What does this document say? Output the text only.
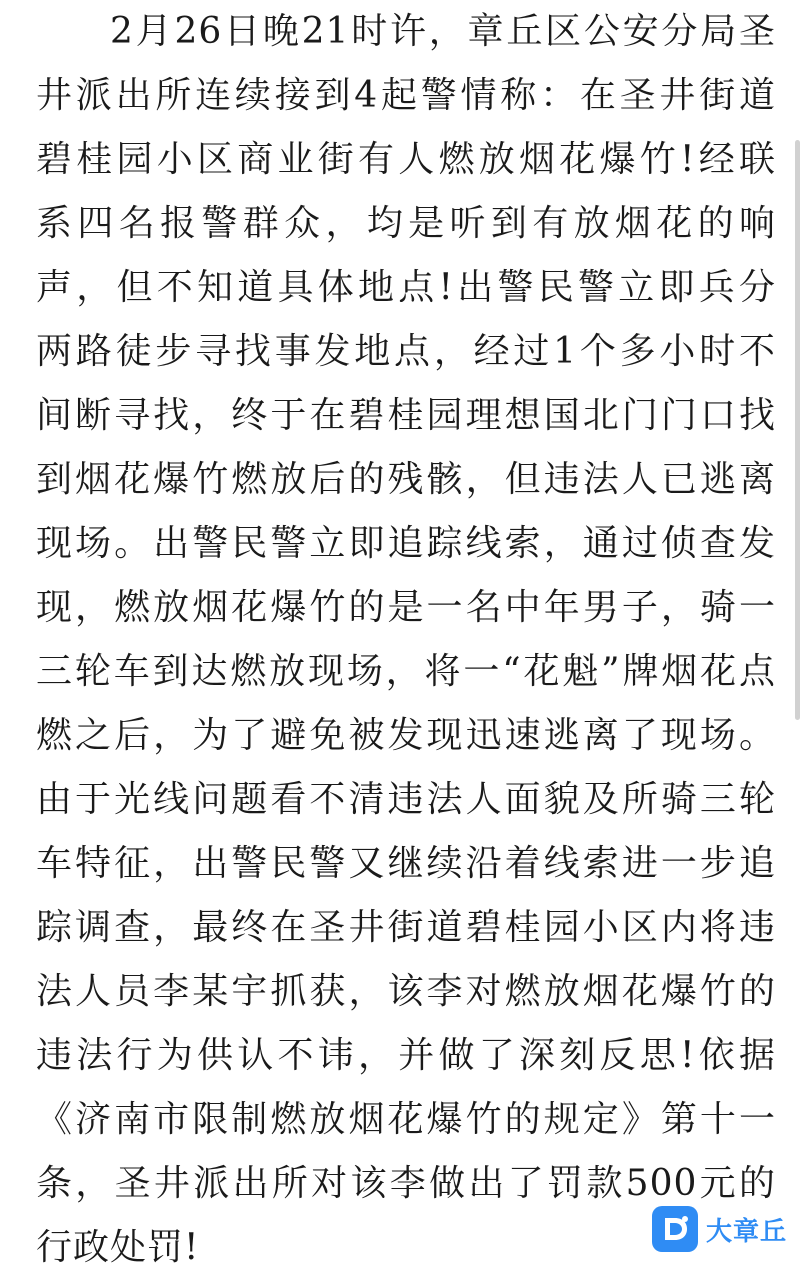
2月26日晚21时许，章丘区公安分局圣
井派出所连续接到4起警情称：在圣井街道
碧桂园小区商业街有人燃放烟花爆竹!经联
系四名报警群众，均是听到有放烟花的响
声，但不知道具体地点!出警民警立即兵分
两路徒步寻找事发地点，经过1个多小时不
间断寻找，终于在碧桂园理想国北门门口找
到烟花爆竹燃放后的残骸，但违法人已逃离
现场。出警民警立即追踪线索，通过侦查发
现，燃放烟花爆竹的是一名中年男子，骑一
三轮车到达燃放现场，将一“花魁”牌烟花点
燃之后，为了避免被发现迅速逃离了现场。
由于光线问题看不清违法人面貌及所骑三轮
车特征，出警民警又继续沿着线索进一步追
踪调查，最终在圣井街道碧桂园小区内将违
法人员李某宇抓获，该李对燃放烟花爆竹的
违法行为供认不讳，并做了深刻反思!依据
《济南市限制燃放烟花爆竹的规定》第十一
条，圣井派出所对该李做出了罚款500元的
行政处罚!	大章丘
